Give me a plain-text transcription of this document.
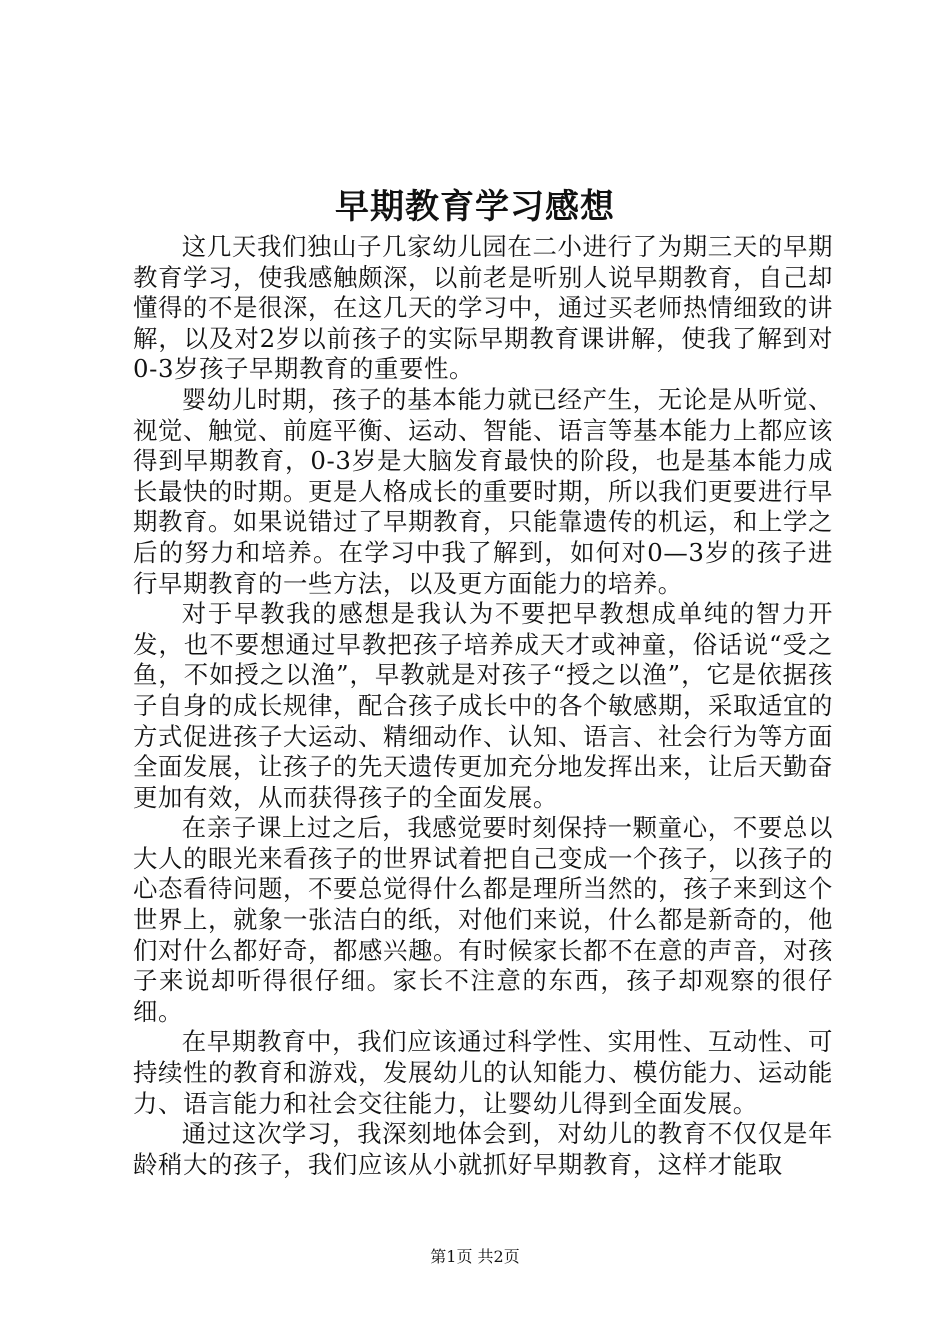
早期教育学习感想

这几天我们独山子几家幼儿园在二小进行了为期三天的早期教育学习，使我感触颇深，以前老是听别人说早期教育，自己却懂得的不是很深，在这几天的学习中，通过买老师热情细致的讲解，以及对2岁以前孩子的实际早期教育课讲解，使我了解到对0-3岁孩子早期教育的重要性。

婴幼儿时期，孩子的基本能力就已经产生，无论是从听觉、视觉、触觉、前庭平衡、运动、智能、语言等基本能力上都应该得到早期教育，0-3岁是大脑发育最快的阶段，也是基本能力成长最快的时期。更是人格成长的重要时期，所以我们更要进行早期教育。如果说错过了早期教育，只能靠遗传的机运，和上学之后的努力和培养。在学习中我了解到，如何对0—3岁的孩子进行早期教育的一些方法，以及更方面能力的培养。

对于早教我的感想是我认为不要把早教想成单纯的智力开发，也不要想通过早教把孩子培养成天才或神童，俗话说“受之鱼，不如授之以渔”，早教就是对孩子“授之以渔”，它是依据孩子自身的成长规律，配合孩子成长中的各个敏感期，采取适宜的方式促进孩子大运动、精细动作、认知、语言、社会行为等方面全面发展，让孩子的先天遗传更加充分地发挥出来，让后天勤奋更加有效，从而获得孩子的全面发展。

在亲子课上过之后，我感觉要时刻保持一颗童心，不要总以大人的眼光来看孩子的世界试着把自己变成一个孩子，以孩子的心态看待问题，不要总觉得什么都是理所当然的，孩子来到这个世界上，就象一张洁白的纸，对他们来说，什么都是新奇的，他们对什么都好奇，都感兴趣。有时候家长都不在意的声音，对孩子来说却听得很仔细。家长不注意的东西，孩子却观察的很仔细。

在早期教育中，我们应该通过科学性、实用性、互动性、可持续性的教育和游戏，发展幼儿的认知能力、模仿能力、运动能力、语言能力和社会交往能力，让婴幼儿得到全面发展。

通过这次学习，我深刻地体会到，对幼儿的教育不仅仅是年龄稍大的孩子，我们应该从小就抓好早期教育，这样才能取

第1页 共2页
